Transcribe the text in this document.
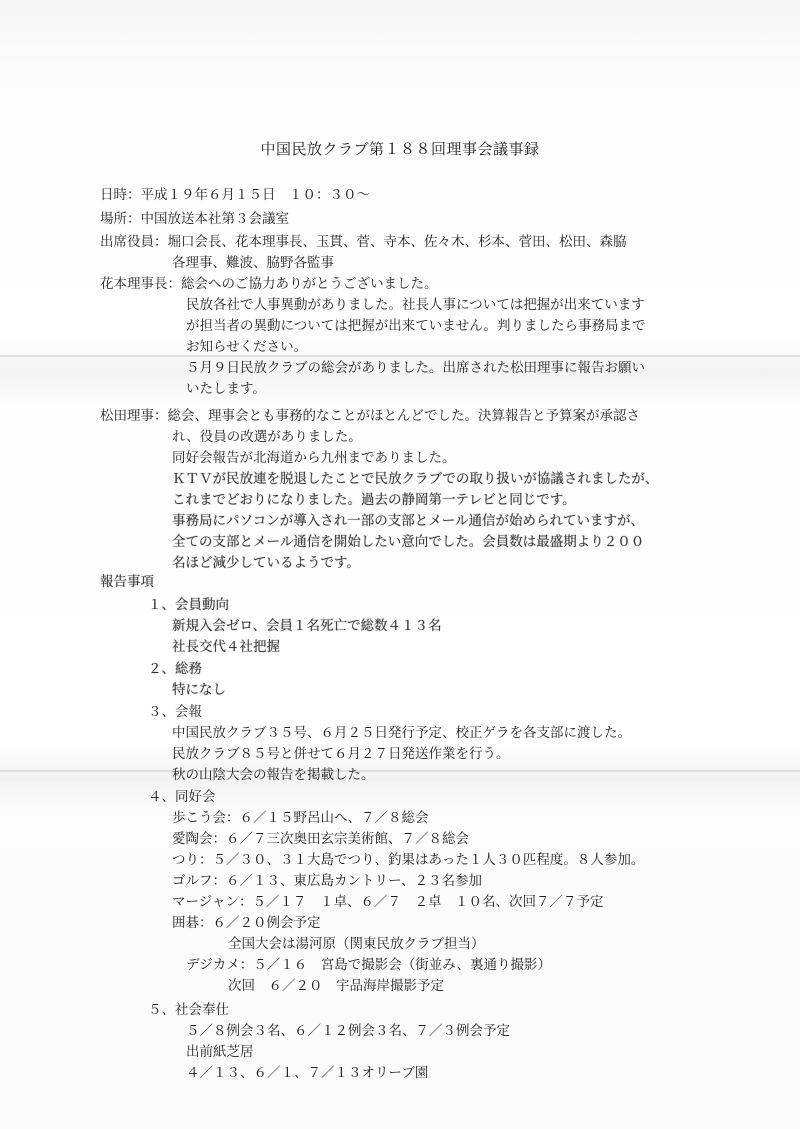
中国民放クラブ第１８８回理事会議事録
日時：平成１９年６月１５日　１０：３０～
場所：中国放送本社第３会議室
出席役員：堀口会長、花本理事長、玉貫、菅、寺本、佐々木、杉本、菅田、松田、森脇
各理事、難波、脇野各監事
花本理事長：総会へのご協力ありがとうございました。
民放各社で人事異動がありました。社長人事については把握が出来ています
が担当者の異動については把握が出来ていません。判りましたら事務局まで
お知らせください。
５月９日民放クラブの総会がありました。出席された松田理事に報告お願い
いたします。
松田理事：総会、理事会とも事務的なことがほとんどでした。決算報告と予算案が承認さ
れ、役員の改選がありました。
同好会報告が北海道から九州までありました。
ＫＴＶが民放連を脱退したことで民放クラブでの取り扱いが協議されましたが、
これまでどおりになりました。過去の静岡第一テレビと同じです。
事務局にパソコンが導入され一部の支部とメール通信が始められていますが、
全ての支部とメール通信を開始したい意向でした。会員数は最盛期より２００
名ほど減少しているようです。
報告事項
１、会員動向
新規入会ゼロ、会員１名死亡で総数４１３名
社長交代４社把握
２、総務
特になし
３、会報
中国民放クラブ３５号、６月２５日発行予定、校正ゲラを各支部に渡した。
民放クラブ８５号と併せて６月２７日発送作業を行う。
秋の山陰大会の報告を掲載した。
４、同好会
歩こう会：６／１５野呂山へ、７／８総会
愛陶会：６／７三次奥田玄宗美術館、７／８総会
つり：５／３０、３１大島でつり、釣果はあった１人３０匹程度。８人参加。
ゴルフ：６／１３、東広島カントリー、２３名参加
マージャン：５／１７　１卓、６／７　２卓　１０名、次回７／７予定
囲碁：６／２０例会予定
全国大会は湯河原（関東民放クラブ担当）
デジカメ：５／１６　宮島で撮影会（街並み、裏通り撮影）
次回　６／２０　宇品海岸撮影予定
５、社会奉仕
５／８例会３名、６／１２例会３名、７／３例会予定
出前紙芝居
４／１３、６／１、７／１３オリーブ園
